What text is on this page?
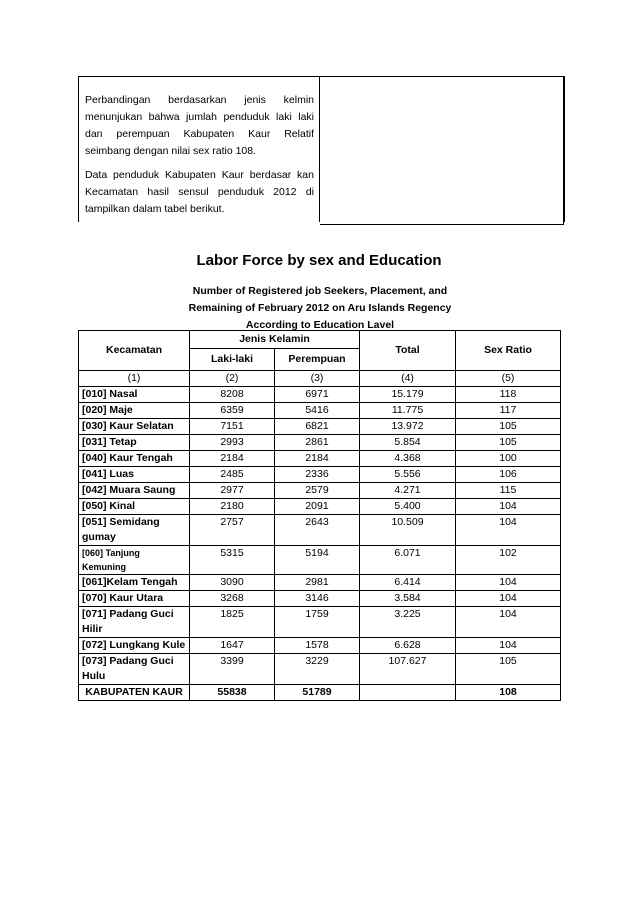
Perbandingan berdasarkan jenis kelmin menunjukan bahwa jumlah penduduk laki laki dan perempuan Kabupaten Kaur Relatif seimbang dengan nilai sex ratio 108.

Data penduduk Kabupaten Kaur berdasar kan Kecamatan hasil sensul penduduk 2012 di tampilkan dalam tabel berikut.

Labor Force by sex and Education
Number of Registered job Seekers, Placement, and
Remaining of February 2012 on Aru Islands Regency
According to Education Lavel
Kecamatan	Jenis Kelamin		Total	Sex Ratio
	Laki-laki	Perempuan		
(1)	(2)	(3)	(4)	(5)
[010] Nasal	8208	6971	15.179	118
[020] Maje	6359	5416	11.775	117
[030] Kaur Selatan	7151	6821	13.972	105
[031] Tetap	2993	2861	5.854	105
[040] Kaur Tengah	2184	2184	4.368	100
[041] Luas	2485	2336	5.556	106
[042] Muara Saung	2977	2579	4.271	115
[050] Kinal	2180	2091	5.400	104
[051] Semidang gumay	2757	2643	10.509	104
[060] Tanjung Kemuning	5315	5194	6.071	102
[061]Kelam Tengah	3090	2981	6.414	104
[070] Kaur Utara	3268	3146	3.584	104
[071] Padang Guci Hilir	1825	1759	3.225	104
[072] Lungkang Kule	1647	1578	6.628	104
[073] Padang Guci Hulu	3399	3229	107.627	105
KABUPATEN KAUR	55838	51789		108
